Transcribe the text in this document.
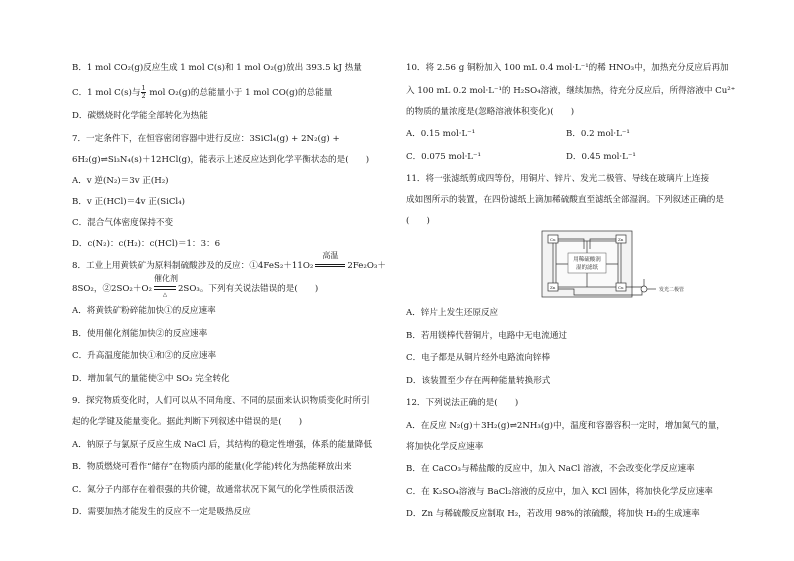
B．1 mol CO₂(g)反应生成 1 mol C(s)和 1 mol O₂(g)放出 393.5 kJ 热量
C．1 mol C(s)与 $\frac{1}{2}$ mol O₂(g)的总能量小于 1 mol CO(g)的总能量
D．碳燃烧时化学能全部转化为热能
7．一定条件下，在恒容密闭容器中进行反应：3SiCl₄(g) + 2N₂(g) +
6H₂(g)⇌Si₃N₄(s)＋12HCl(g)，能表示上述反应达到化学平衡状态的是(　　)
A．v 逆(N₂)＝3v 正(H₂)
B．v 正(HCl)＝4v 正(SiCl₄)
C．混合气体密度保持不变
D．c(N₂)：c(H₂)：c(HCl)＝1：3：6
8．工业上用黄铁矿为原料制硫酸涉及的反应：①4FeS₂＋11O₂
高温
2Fe₂O₃＋
8SO₂，②2SO₂＋O₂
催化剂
△
2SO₃。下列有关说法错误的是(　　)
A．将黄铁矿粉碎能加快①的反应速率
B．使用催化剂能加快②的反应速率
C．升高温度能加快①和②的反应速率
D．增加氧气的量能使②中 SO₂ 完全转化
9．探究物质变化时，人们可以从不同角度、不同的层面来认识物质变化时所引
起的化学键及能量变化。据此判断下列叙述中错误的是(　　)
A．钠原子与氯原子反应生成 NaCl 后，其结构的稳定性增强，体系的能量降低
B．物质燃烧可看作“储存”在物质内部的能量(化学能)转化为热能释放出来
C．氮分子内部存在着很强的共价键，故通常状况下氮气的化学性质很活泼
D．需要加热才能发生的反应不一定是吸热反应
10．将 2.56 g 铜粉加入 100 mL 0.4 mol·L⁻¹的稀 HNO₃中，加热充分反应后再加
入 100 mL 0.2 mol·L⁻¹的 H₂SO₄溶液，继续加热，待充分反应后，所得溶液中 Cu²⁺
的物质的量浓度是(忽略溶液体积变化)(　　)
A．0.15 mol·L⁻¹	B．0.2 mol·L⁻¹
C．0.075 mol·L⁻¹	D．0.45 mol·L⁻¹
11．将一张滤纸剪成四等份，用铜片、锌片、发光二极管、导线在玻璃片上连接
成如图所示的装置，在四份滤纸上滴加稀硫酸直至滤纸全部湿润。下列叙述正确的是
(　　)
Cu	Zn
Zn	Cu
用稀硫酸润
湿的滤纸
发光二极管
A．锌片上发生还原反应
B．若用镁棒代替铜片，电路中无电流通过
C．电子都是从铜片经外电路流向锌棒
D．该装置至少存在两种能量转换形式
12．下列说法正确的是(　　)
A．在反应 N₂(g)＋3H₂(g)⇌2NH₃(g)中，温度和容器容积一定时，增加氮气的量，
将加快化学反应速率
B．在 CaCO₃与稀盐酸的反应中，加入 NaCl 溶液，不会改变化学反应速率
C．在 K₂SO₄溶液与 BaCl₂溶液的反应中，加入 KCl 固体，将加快化学反应速率
D．Zn 与稀硫酸反应制取 H₂，若改用 98%的浓硫酸，将加快 H₂的生成速率
